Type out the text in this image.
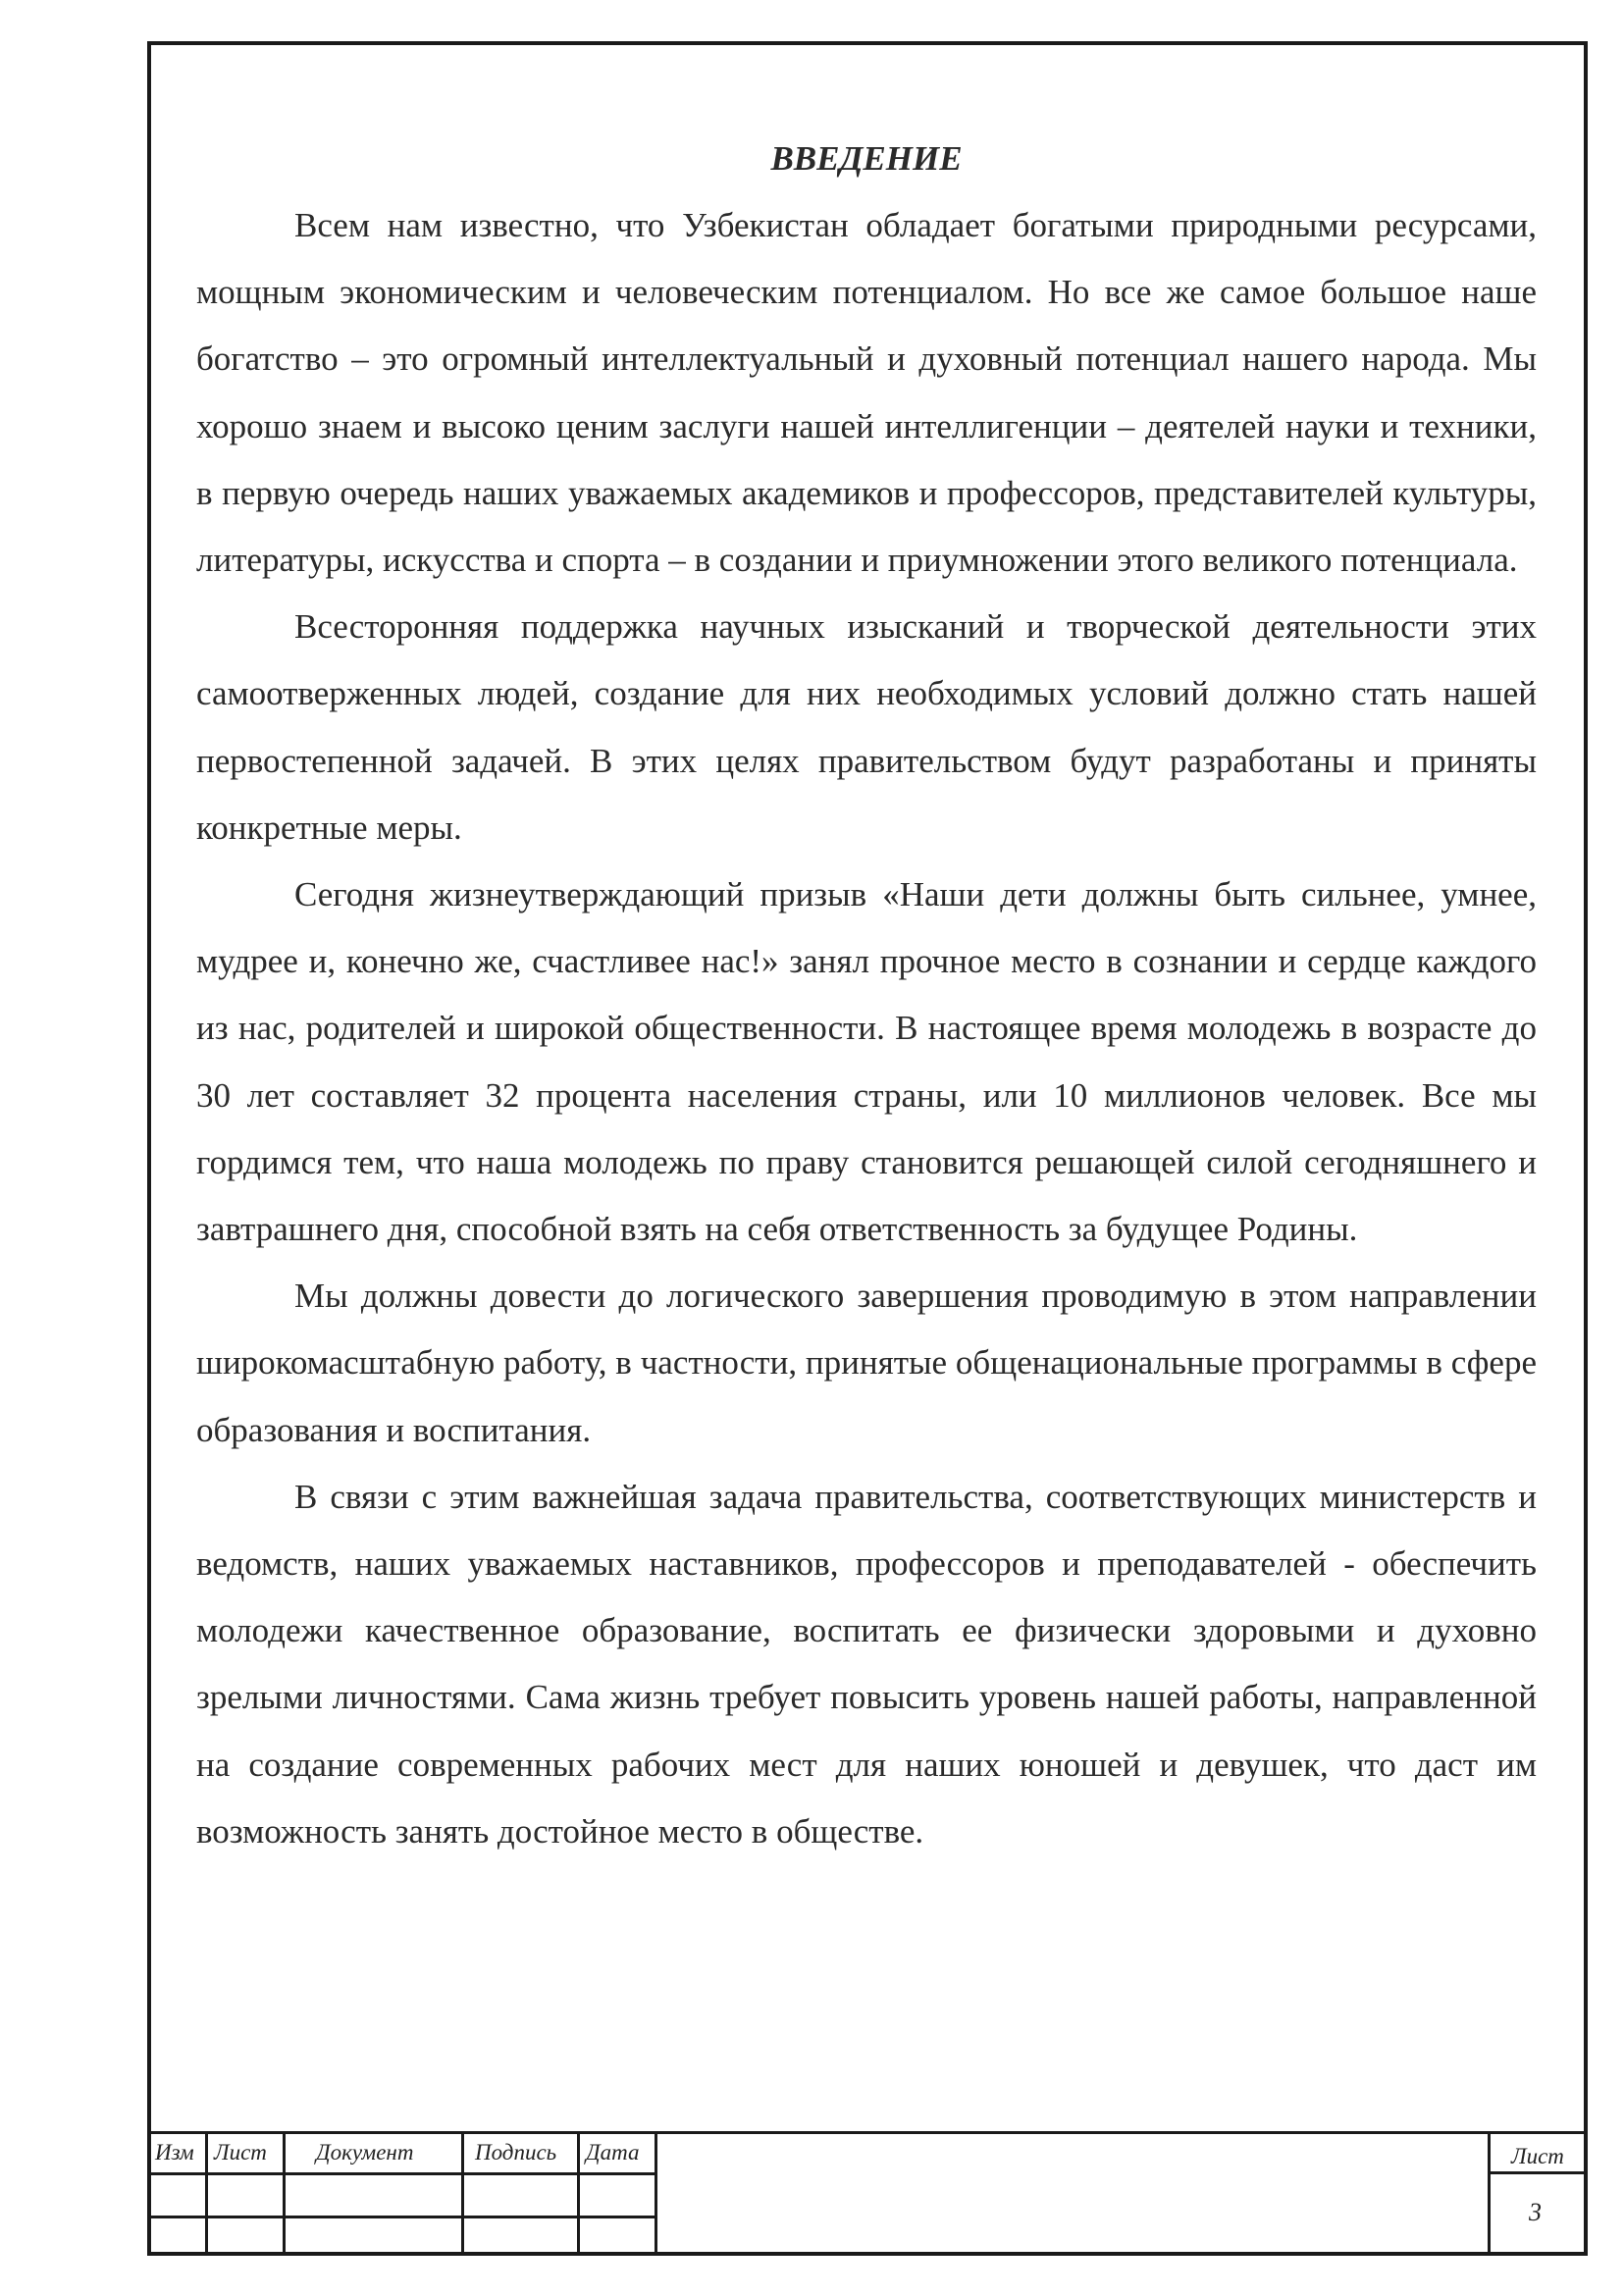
ВВЕДЕНИЕ

Всем нам известно, что Узбекистан обладает богатыми природными ресурсами, мощным экономическим и человеческим потенциалом. Но все же самое большое наше богатство – это огромный интеллектуальный и духовный потенциал нашего народа. Мы хорошо знаем и высоко ценим заслуги нашей интеллигенции – деятелей науки и техники, в первую очередь наших уважаемых академиков и профессоров, представителей культуры, литературы, искусства и спорта – в создании и приумножении этого великого потенциала.

Всесторонняя поддержка научных изысканий и творческой деятельности этих самоотверженных людей, создание для них необходимых условий должно стать нашей первостепенной задачей. В этих целях правительством будут разработаны и приняты конкретные меры.

Сегодня жизнеутверждающий призыв «Наши дети должны быть сильнее, умнее, мудрее и, конечно же, счастливее нас!» занял прочное место в сознании и сердце каждого из нас, родителей и широкой общественности. В настоящее время молодежь в возрасте до 30 лет составляет 32 процента населения страны, или 10 миллионов человек. Все мы гордимся тем, что наша молодежь по праву становится решающей силой сегодняшнего и завтрашнего дня, способной взять на себя ответственность за будущее Родины.

Мы должны довести до логического завершения проводимую в этом направлении широкомасштабную работу, в частности, принятые общенациональные программы в сфере образования и воспитания.

В связи с этим важнейшая задача правительства, соответствующих министерств и ведомств, наших уважаемых наставников, профессоров и преподавателей - обеспечить молодежи качественное образование, воспитать ее физически здоровыми и духовно зрелыми личностями. Сама жизнь требует повысить уровень нашей работы, направленной на создание современных рабочих мест для наших юношей и девушек, что даст им возможность занять достойное место в обществе.

Изм Лист Документ	Подпись Дата	Лист
3
